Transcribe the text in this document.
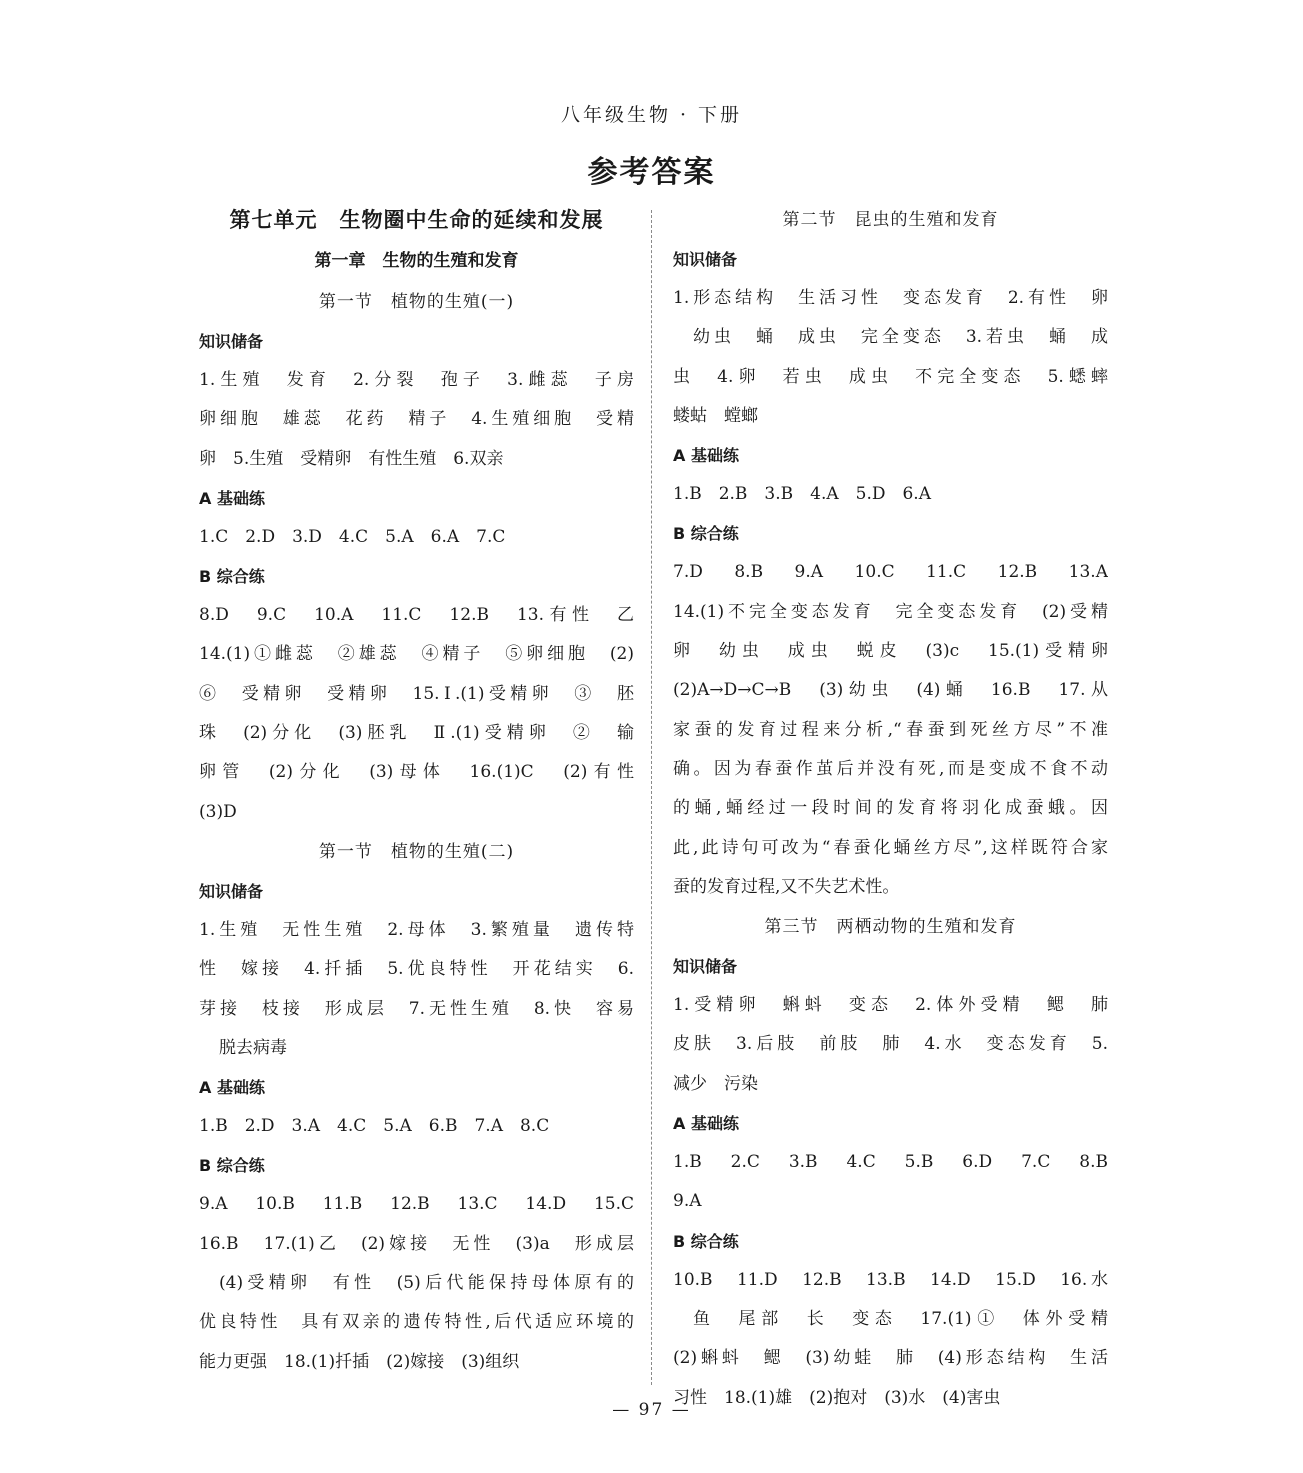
八年级生物 · 下册
参考答案
第七单元　生物圈中生命的延续和发展
第一章　生物的生殖和发育
第一节　植物的生殖(一)
知识储备
1.生殖　发育　2.分裂　孢子　3.雌蕊　子房
卵细胞　雄蕊　花药　精子　4.生殖细胞　受精
卵　5.生殖　受精卵　有性生殖　6.双亲
A 基础练
1.C　2.D　3.D　4.C　5.A　6.A　7.C
B 综合练
8.D　9.C　10.A　11.C　12.B　13.有性　乙
14.(1)①雌蕊　②雄蕊　④精子　⑤卵细胞　(2)
⑥　受精卵　受精卵　15.Ⅰ.(1)受精卵　③　胚
珠　(2)分化　(3)胚乳　Ⅱ.(1)受精卵　②　输
卵管　(2)分化　(3)母体　16.(1)C　(2)有性
(3)D
第一节　植物的生殖(二)
知识储备
1.生殖　无性生殖　2.母体　3.繁殖量　遗传特
性　嫁接　4.扦插　5.优良特性　开花结实　6.
芽接　枝接　形成层　7.无性生殖　8.快　容易
脱去病毒
A 基础练
1.B　2.D　3.A　4.C　5.A　6.B　7.A　8.C
B 综合练
9.A　10.B　11.B　12.B　13.C　14.D　15.C
16.B　17.(1)乙　(2)嫁接　无性　(3)a　形成层
(4)受精卵　有性　(5)后代能保持母体原有的
优良特性　具有双亲的遗传特性,后代适应环境的
能力更强　18.(1)扦插　(2)嫁接　(3)组织
第二节　昆虫的生殖和发育
知识储备
1.形态结构　生活习性　变态发育　2.有性　卵
幼虫　蛹　成虫　完全变态　3.若虫　蛹　成
虫　4.卵　若虫　成虫　不完全变态　5.蟋蟀
蝼蛄　螳螂
A 基础练
1.B　2.B　3.B　4.A　5.D　6.A
B 综合练
7.D　8.B　9.A　10.C　11.C　12.B　13.A
14.(1)不完全变态发育　完全变态发育　(2)受精
卵　幼虫　成虫　蜕皮　(3)c　15.(1)受精卵
(2)A→D→C→B　(3)幼虫　(4)蛹　16.B　17.从
家蚕的发育过程来分析,“春蚕到死丝方尽”不准
确。因为春蚕作茧后并没有死,而是变成不食不动
的蛹,蛹经过一段时间的发育将羽化成蚕蛾。因
此,此诗句可改为“春蚕化蛹丝方尽”,这样既符合家
蚕的发育过程,又不失艺术性。
第三节　两栖动物的生殖和发育
知识储备
1.受精卵　蝌蚪　变态　2.体外受精　鳃　肺
皮肤　3.后肢　前肢　肺　4.水　变态发育　5.
减少　污染
A 基础练
1.B　2.C　3.B　4.C　5.B　6.D　7.C　8.B
9.A
B 综合练
10.B　11.D　12.B　13.B　14.D　15.D　16.水
鱼　尾部　长　变态　17.(1)①　体外受精
(2)蝌蚪　鳃　(3)幼蛙　肺　(4)形态结构　生活
习性　18.(1)雄　(2)抱对　(3)水　(4)害虫
— 97 —
